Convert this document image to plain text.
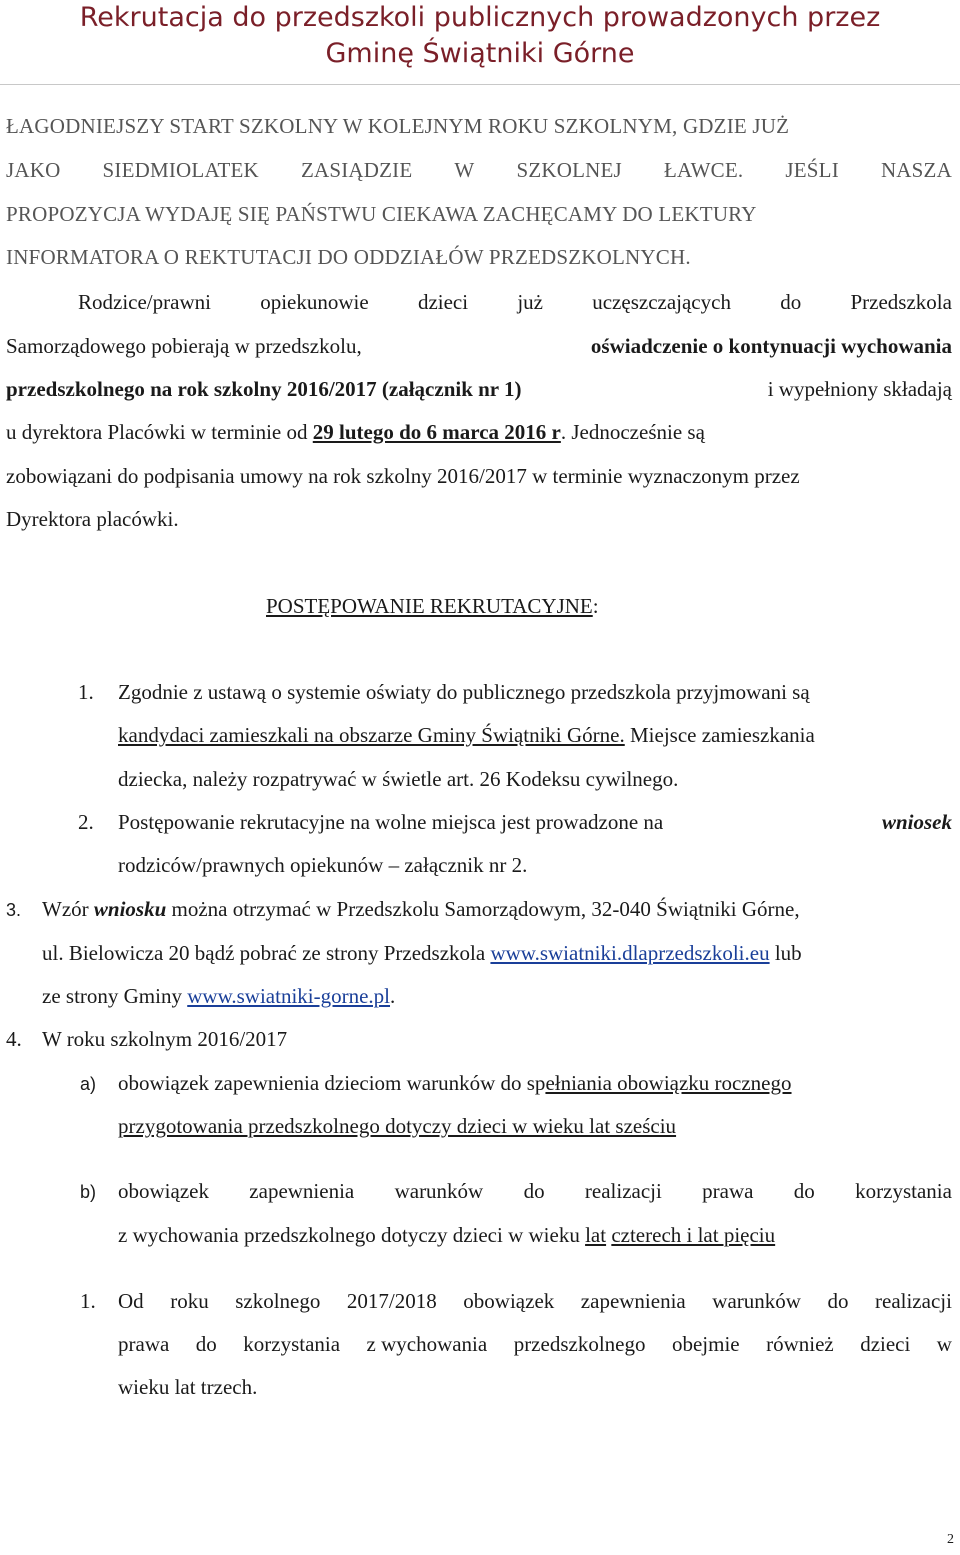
Rekrutacja do przedszkoli publicznych prowadzonych przez
Gminę Świątniki Górne
ŁAGODNIEJSZY START SZKOLNY W KOLEJNYM ROKU SZKOLNYM, GDZIE JUŻ
JAKO SIEDMIOLATEK ZASIĄDZIE W SZKOLNEJ ŁAWCE. JEŚLI NASZA
PROPOZYCJA WYDAJĘ SIĘ PAŃSTWU CIEKAWA ZACHĘCAMY DO LEKTURY
INFORMATORA O REKTUTACJI DO ODDZIAŁÓW PRZEDSZKOLNYCH.
Rodzice/prawni opiekunowie dzieci już uczęszczających do Przedszkola
Samorządowego pobierają w przedszkolu,	oświadczenie o kontynuacji wychowania
przedszkolnego na rok szkolny 2016/2017 (załącznik nr 1)	i wypełniony składają
u dyrektora Placówki w terminie od 29 lutego do 6 marca 2016 r. Jednocześnie są
zobowiązani do podpisania umowy na rok szkolny 2016/2017 w terminie wyznaczonym przez
Dyrektora placówki.
POSTĘPOWANIE REKRUTACYJNE:
1. Zgodnie z ustawą o systemie oświaty do publicznego przedszkola przyjmowani są
kandydaci zamieszkali na obszarze Gminy Świątniki Górne. Miejsce zamieszkania
dziecka, należy rozpatrywać w świetle art. 26 Kodeksu cywilnego.
2. Postępowanie rekrutacyjne na wolne miejsca jest prowadzone na	wniosek
rodziców/prawnych opiekunów – załącznik nr 2.
3. Wzór wniosku można otrzymać w Przedszkolu Samorządowym, 32-040 Świątniki Górne,
ul. Bielowicza 20 bądź pobrać ze strony Przedszkola www.swiatniki.dlaprzedszkoli.eu lub
ze strony Gminy www.swiatniki-gorne.pl.
4. W roku szkolnym 2016/2017
a) obowiązek zapewnienia dzieciom warunków do sp ełniania obowiązku rocznego
przygotowania przedszkolnego dotyczy dzieci w wieku lat sześciu
b) obowiązek zapewnienia warunków do realizacji prawa do korzystania
z wychowania przedszkolnego dotyczy dzieci w wieku lat czterech i lat pięciu
1. Od roku szkolnego 2017/2018 obowiązek zapewnienia warunków do realizacji
prawa do korzystania z wychowania przedszkolnego obejmie również dzieci w
wieku lat trzech.
2
